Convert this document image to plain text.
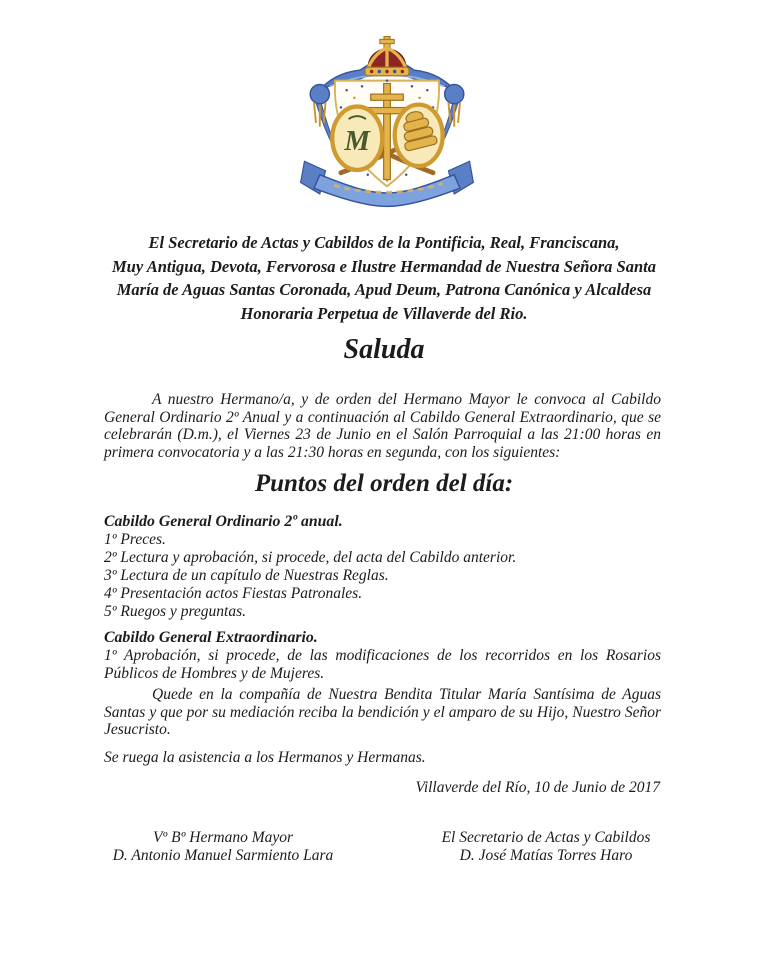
M
El Secretario de Actas y Cabildos de la Pontificia, Real, Franciscana,
Muy Antigua, Devota, Fervorosa e Ilustre Hermandad de Nuestra Señora Santa
María de Aguas Santas Coronada, Apud Deum, Patrona Canónica y Alcaldesa
Honoraria Perpetua de Villaverde del Rio.
Saluda
A nuestro Hermano/a, y de orden del Hermano Mayor le convoca al Cabildo General Ordinario 2º Anual y a continuación al Cabildo General Extraordinario, que se celebrarán (D.m.), el Viernes 23 de Junio en el Salón Parroquial a las 21:00 horas en primera convocatoria y a las 21:30 horas en segunda, con los siguientes:
Puntos del orden del día:
Cabildo General Ordinario 2º anual.
1º Preces.
2º Lectura y aprobación, si procede, del acta del Cabildo anterior.
3º Lectura de un capítulo de Nuestras Reglas.
4º Presentación actos Fiestas Patronales.
5º Ruegos y preguntas.
Cabildo General Extraordinario.
1º Aprobación, si procede, de las modificaciones de los recorridos en los Rosarios Públicos de Hombres y de Mujeres.
Quede en la compañía de Nuestra Bendita Titular María Santísima de Aguas Santas y que por su mediación reciba la bendición y el amparo de su Hijo, Nuestro Señor Jesucristo.
Se ruega la asistencia a los Hermanos y Hermanas.
Villaverde del Río, 10 de Junio de 2017
Vº Bº Hermano Mayor
D. Antonio Manuel Sarmiento Lara
El Secretario de Actas y Cabildos
D. José Matías Torres Haro
